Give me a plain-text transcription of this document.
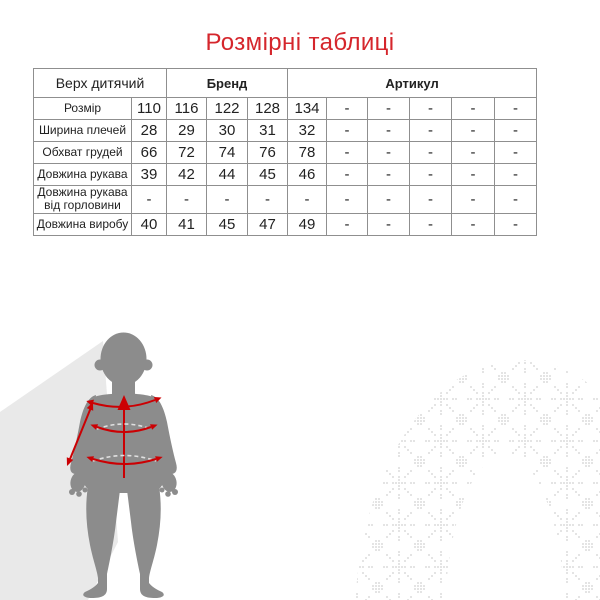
Розмірні таблиці
Верх дитячий		Бренд			Артикул					
Розмір	110	116	122	128	134	-	-	-	-	-
Ширина плечей	28	29	30	31	32	-	-	-	-	-
Обхват грудей	66	72	74	76	78	-	-	-	-	-
Довжина рукава	39	42	44	45	46	-	-	-	-	-
Довжина рукава від горловини	-	-	-	-	-	-	-	-	-	-
Довжина виробу	40	41	45	47	49	-	-	-	-	-
